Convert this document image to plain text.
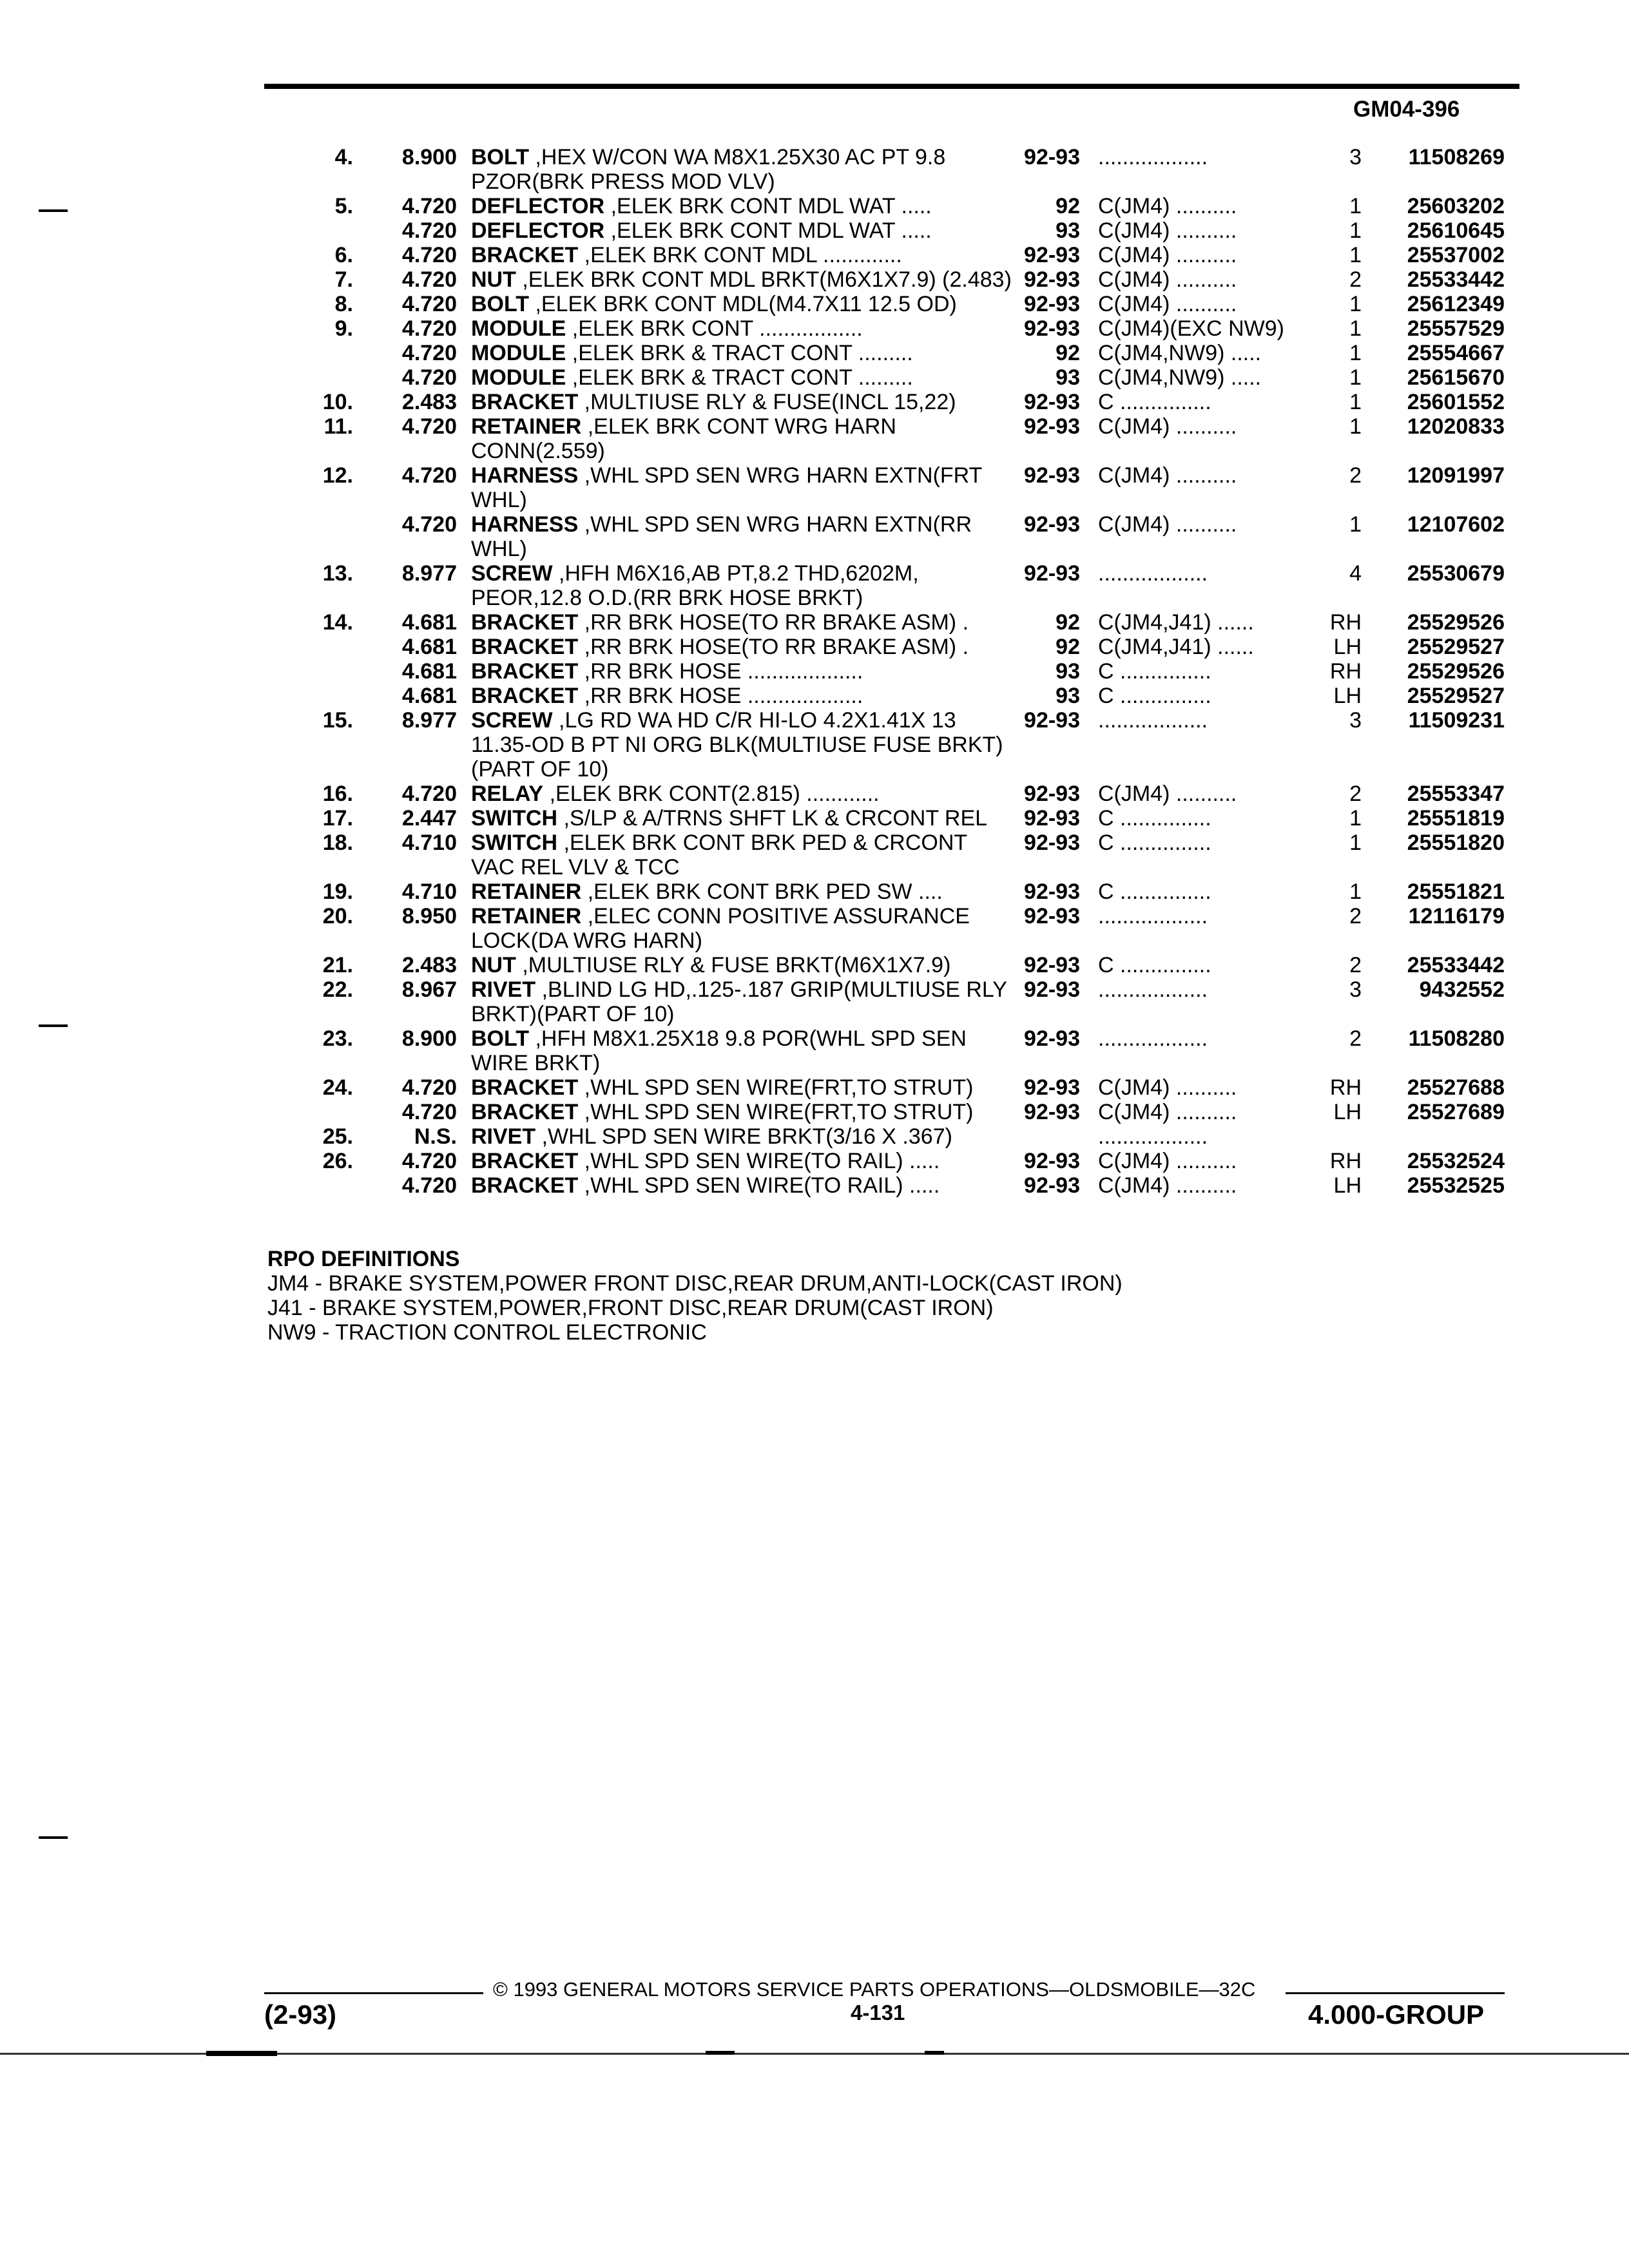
GM04-396
4.	8.900	BOLT ,HEX W/CON WA M8X1.25X30 AC PT 9.8 PZOR(BRK PRESS MOD VLV)	92-93	..................	3	11508269
5.	4.720	DEFLECTOR ,ELEK BRK CONT MDL WAT .....	92	C(JM4) ..........	1	25603202
	4.720	DEFLECTOR ,ELEK BRK CONT MDL WAT .....	93	C(JM4) ..........	1	25610645
6.	4.720	BRACKET ,ELEK BRK CONT MDL .............	92-93	C(JM4) ..........	1	25537002
7.	4.720	NUT ,ELEK BRK CONT MDL BRKT(M6X1X7.9) (2.483)	92-93	C(JM4) ..........	2	25533442
8.	4.720	BOLT ,ELEK BRK CONT MDL(M4.7X11 12.5 OD)	92-93	C(JM4) ..........	1	25612349
9.	4.720	MODULE ,ELEK BRK CONT .................	92-93	C(JM4)(EXC NW9)	1	25557529
	4.720	MODULE ,ELEK BRK & TRACT CONT .........	92	C(JM4,NW9) .....	1	25554667
	4.720	MODULE ,ELEK BRK & TRACT CONT .........	93	C(JM4,NW9) .....	1	25615670
10.	2.483	BRACKET ,MULTIUSE RLY & FUSE(INCL 15,22)	92-93	C ...............	1	25601552
11.	4.720	RETAINER ,ELEK BRK CONT WRG HARN CONN(2.559)	92-93	C(JM4) ..........	1	12020833
12.	4.720	HARNESS ,WHL SPD SEN WRG HARN EXTN(FRT WHL)	92-93	C(JM4) ..........	2	12091997
	4.720	HARNESS ,WHL SPD SEN WRG HARN EXTN(RR WHL)	92-93	C(JM4) ..........	1	12107602
13.	8.977	SCREW ,HFH M6X16,AB PT,8.2 THD,6202M, PEOR,12.8 O.D.(RR BRK HOSE BRKT)	92-93	..................	4	25530679
14.	4.681	BRACKET ,RR BRK HOSE(TO RR BRAKE ASM) .	92	C(JM4,J41) ......	RH	25529526
	4.681	BRACKET ,RR BRK HOSE(TO RR BRAKE ASM) .	92	C(JM4,J41) ......	LH	25529527
	4.681	BRACKET ,RR BRK HOSE ...................	93	C ...............	RH	25529526
	4.681	BRACKET ,RR BRK HOSE ...................	93	C ...............	LH	25529527
15.	8.977	SCREW ,LG RD WA HD C/R HI-LO 4.2X1.41X 13 11.35-OD B PT NI ORG BLK(MULTIUSE FUSE BRKT)(PART OF 10)	92-93	..................	3	11509231
16.	4.720	RELAY ,ELEK BRK CONT(2.815) ............	92-93	C(JM4) ..........	2	25553347
17.	2.447	SWITCH ,S/LP & A/TRNS SHFT LK & CRCONT REL	92-93	C ...............	1	25551819
18.	4.710	SWITCH ,ELEK BRK CONT BRK PED & CRCONT VAC REL VLV & TCC	92-93	C ...............	1	25551820
19.	4.710	RETAINER ,ELEK BRK CONT BRK PED SW ....	92-93	C ...............	1	25551821
20.	8.950	RETAINER ,ELEC CONN POSITIVE ASSURANCE LOCK(DA WRG HARN)	92-93	..................	2	12116179
21.	2.483	NUT ,MULTIUSE RLY & FUSE BRKT(M6X1X7.9)	92-93	C ...............	2	25533442
22.	8.967	RIVET ,BLIND LG HD,.125-.187 GRIP(MULTIUSE RLY BRKT)(PART OF 10)	92-93	..................	3	9432552
23.	8.900	BOLT ,HFH M8X1.25X18 9.8 POR(WHL SPD SEN WIRE BRKT)	92-93	..................	2	11508280
24.	4.720	BRACKET ,WHL SPD SEN WIRE(FRT,TO STRUT)	92-93	C(JM4) ..........	RH	25527688
	4.720	BRACKET ,WHL SPD SEN WIRE(FRT,TO STRUT)	92-93	C(JM4) ..........	LH	25527689
25.	N.S.	RIVET ,WHL SPD SEN WIRE BRKT(3/16 X .367)		..................		
26.	4.720	BRACKET ,WHL SPD SEN WIRE(TO RAIL) .....	92-93	C(JM4) ..........	RH	25532524
	4.720	BRACKET ,WHL SPD SEN WIRE(TO RAIL) .....	92-93	C(JM4) ..........	LH	25532525
RPO DEFINITIONS
JM4 - BRAKE SYSTEM,POWER FRONT DISC,REAR DRUM,ANTI-LOCK(CAST IRON)
J41 - BRAKE SYSTEM,POWER,FRONT DISC,REAR DRUM(CAST IRON)
NW9 - TRACTION CONTROL ELECTRONIC
© 1993 GENERAL MOTORS SERVICE PARTS OPERATIONS—OLDSMOBILE—32C
(2-93)	4-131	4.000-GROUP
